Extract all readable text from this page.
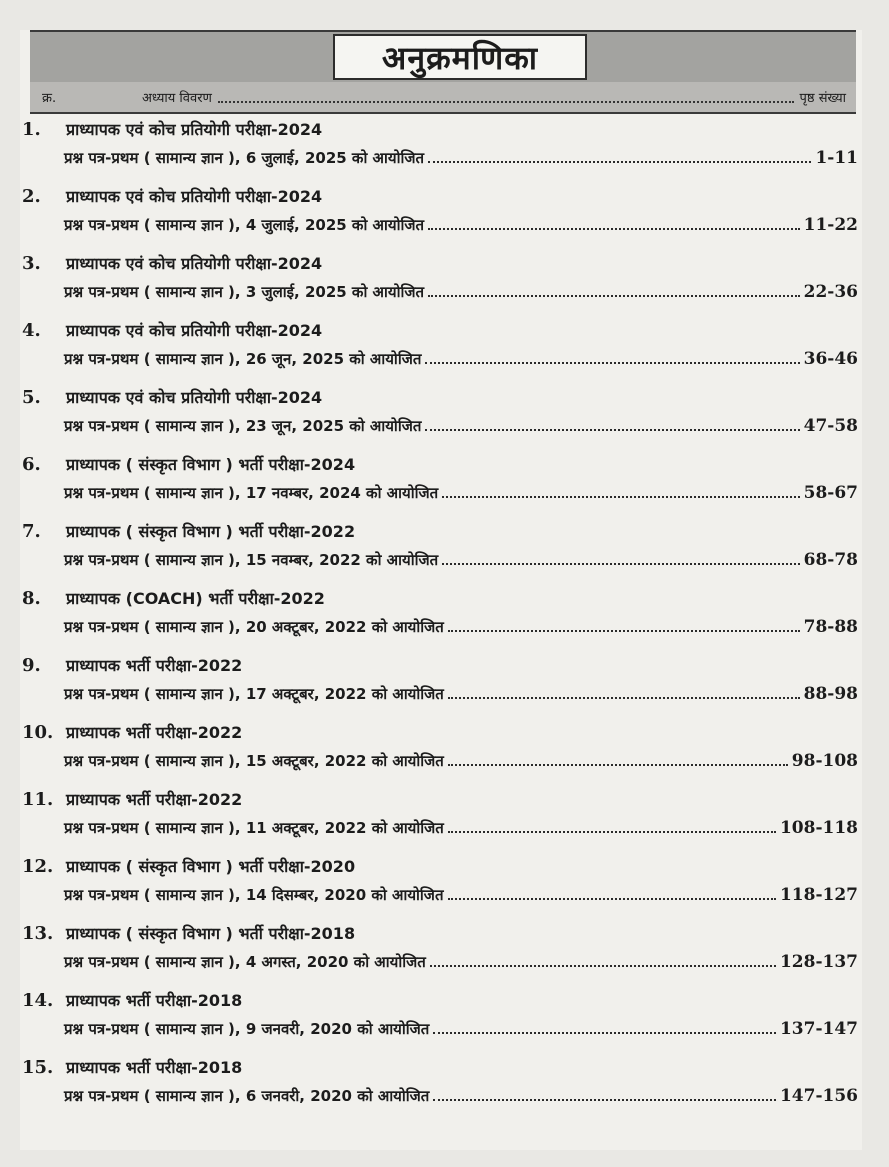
अनुक्रमणिका
क्र.	अध्याय विवरण	पृष्ठ संख्या
1.	प्राध्यापक एवं कोच प्रतियोगी परीक्षा-2024
प्रश्न पत्र-प्रथम ( सामान्य ज्ञान ), 6 जुलाई, 2025 को आयोजित	1-11
2.	प्राध्यापक एवं कोच प्रतियोगी परीक्षा-2024
प्रश्न पत्र-प्रथम ( सामान्य ज्ञान ), 4 जुलाई, 2025 को आयोजित	11-22
3.	प्राध्यापक एवं कोच प्रतियोगी परीक्षा-2024
प्रश्न पत्र-प्रथम ( सामान्य ज्ञान ), 3 जुलाई, 2025 को आयोजित	22-36
4.	प्राध्यापक एवं कोच प्रतियोगी परीक्षा-2024
प्रश्न पत्र-प्रथम ( सामान्य ज्ञान ), 26 जून, 2025 को आयोजित	36-46
5.	प्राध्यापक एवं कोच प्रतियोगी परीक्षा-2024
प्रश्न पत्र-प्रथम ( सामान्य ज्ञान ), 23 जून, 2025 को आयोजित	47-58
6.	प्राध्यापक ( संस्कृत विभाग ) भर्ती परीक्षा-2024
प्रश्न पत्र-प्रथम ( सामान्य ज्ञान ), 17 नवम्बर, 2024 को आयोजित	58-67
7.	प्राध्यापक ( संस्कृत विभाग ) भर्ती परीक्षा-2022
प्रश्न पत्र-प्रथम ( सामान्य ज्ञान ), 15 नवम्बर, 2022 को आयोजित	68-78
8.	प्राध्यापक (COACH) भर्ती परीक्षा-2022
प्रश्न पत्र-प्रथम ( सामान्य ज्ञान ), 20 अक्टूबर, 2022 को आयोजित	78-88
9.	प्राध्यापक भर्ती परीक्षा-2022
प्रश्न पत्र-प्रथम ( सामान्य ज्ञान ), 17 अक्टूबर, 2022 को आयोजित	88-98
10. प्राध्यापक भर्ती परीक्षा-2022
प्रश्न पत्र-प्रथम ( सामान्य ज्ञान ), 15 अक्टूबर, 2022 को आयोजित	98-108
11. प्राध्यापक भर्ती परीक्षा-2022
प्रश्न पत्र-प्रथम ( सामान्य ज्ञान ), 11 अक्टूबर, 2022 को आयोजित	108-118
12. प्राध्यापक ( संस्कृत विभाग ) भर्ती परीक्षा-2020
प्रश्न पत्र-प्रथम ( सामान्य ज्ञान ), 14 दिसम्बर, 2020 को आयोजित	118-127
13. प्राध्यापक ( संस्कृत विभाग ) भर्ती परीक्षा-2018
प्रश्न पत्र-प्रथम ( सामान्य ज्ञान ), 4 अगस्त, 2020 को आयोजित	128-137
14. प्राध्यापक भर्ती परीक्षा-2018
प्रश्न पत्र-प्रथम ( सामान्य ज्ञान ), 9 जनवरी, 2020 को आयोजित	137-147
15. प्राध्यापक भर्ती परीक्षा-2018
प्रश्न पत्र-प्रथम ( सामान्य ज्ञान ), 6 जनवरी, 2020 को आयोजित	147-156
